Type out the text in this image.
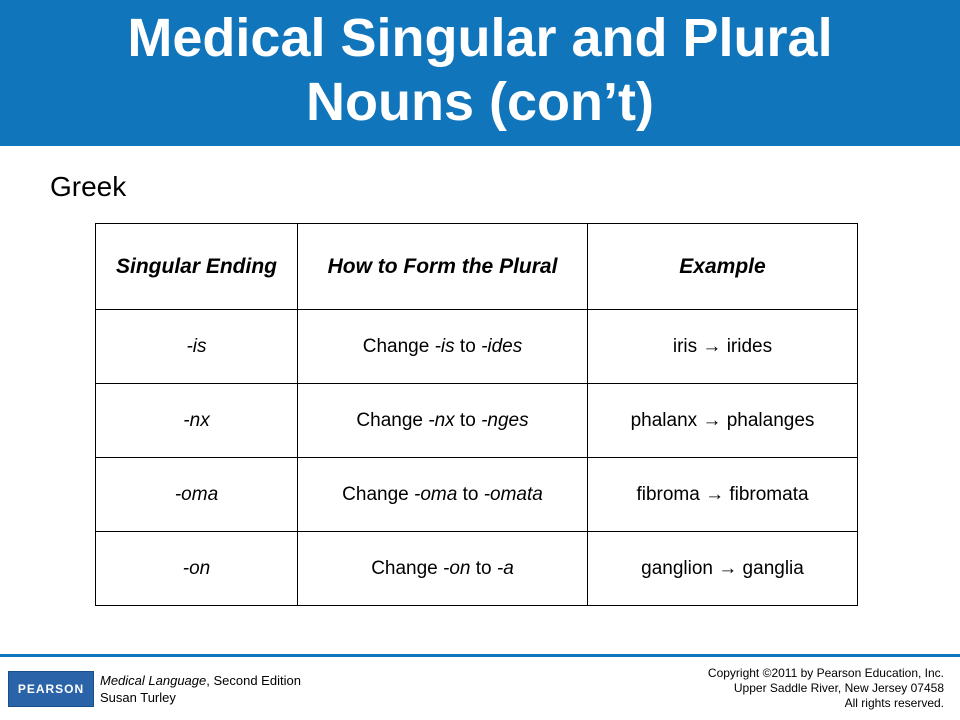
Medical Singular and Plural
Nouns (con’t)
Greek
Singular Ending	How to Form the Plural	Example
-is	Change -is to -ides	iris → irides
-nx	Change -nx to -nges	phalanx → phalanges
-oma	Change -oma to -omata	fibroma → fibromata
-on	Change -on to -a	ganglion → ganglia
PEARSON
Medical Language, Second Edition
Susan Turley
Copyright ©2011 by Pearson Education, Inc.
Upper Saddle River, New Jersey 07458
All rights reserved.
